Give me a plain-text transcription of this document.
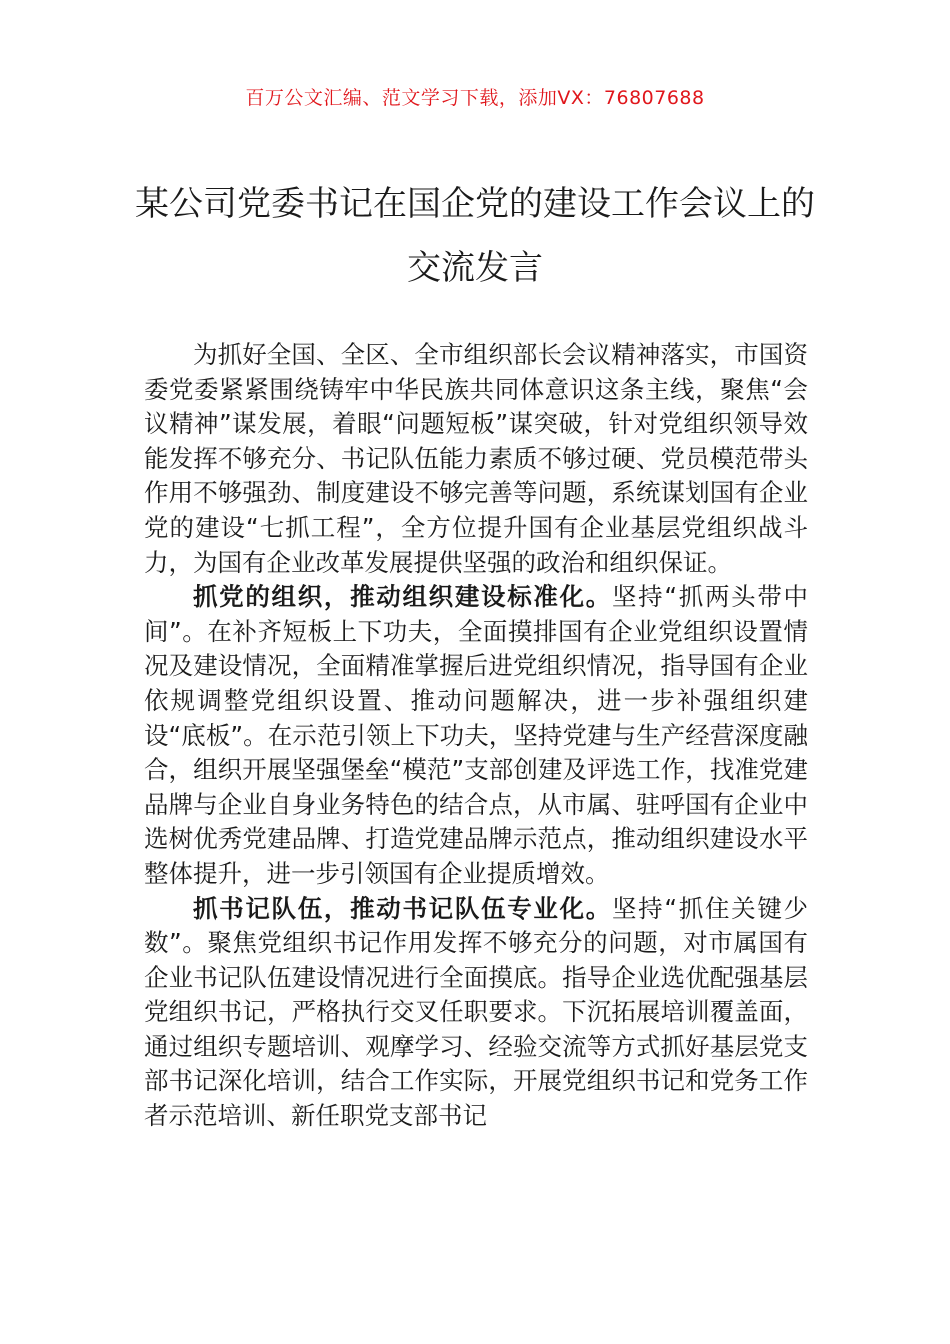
百万公文汇编、范文学习下载，添加VX：76807688
某公司党委书记在国企党的建设工作会议上的交流发言

为抓好全国、全区、全市组织部长会议精神落实，市国资委党委紧紧围绕铸牢中华民族共同体意识这条主线，聚焦“会议精神”谋发展，着眼“问题短板”谋突破，针对党组织领导效能发挥不够充分、书记队伍能力素质不够过硬、党员模范带头作用不够强劲、制度建设不够完善等问题，系统谋划国有企业党的建设“七抓工程”，全方位提升国有企业基层党组织战斗力，为国有企业改革发展提供坚强的政治和组织保证。

抓党的组织，推动组织建设标准化。坚持“抓两头带中间”。在补齐短板上下功夫，全面摸排国有企业党组织设置情况及建设情况，全面精准掌握后进党组织情况，指导国有企业依规调整党组织设置、推动问题解决，进一步补强组织建设“底板”。在示范引领上下功夫，坚持党建与生产经营深度融合，组织开展坚强堡垒“模范”支部创建及评选工作，找准党建品牌与企业自身业务特色的结合点，从市属、驻呼国有企业中选树优秀党建品牌、打造党建品牌示范点，推动组织建设水平整体提升，进一步引领国有企业提质增效。

抓书记队伍，推动书记队伍专业化。坚持“抓住关键少数”。聚焦党组织书记作用发挥不够充分的问题，对市属国有企业书记队伍建设情况进行全面摸底。指导企业选优配强基层党组织书记，严格执行交叉任职要求。下沉拓展培训覆盖面，通过组织专题培训、观摩学习、经验交流等方式抓好基层党支部书记深化培训，结合工作实际，开展党组织书记和党务工作者示范培训、新任职党支部书记
